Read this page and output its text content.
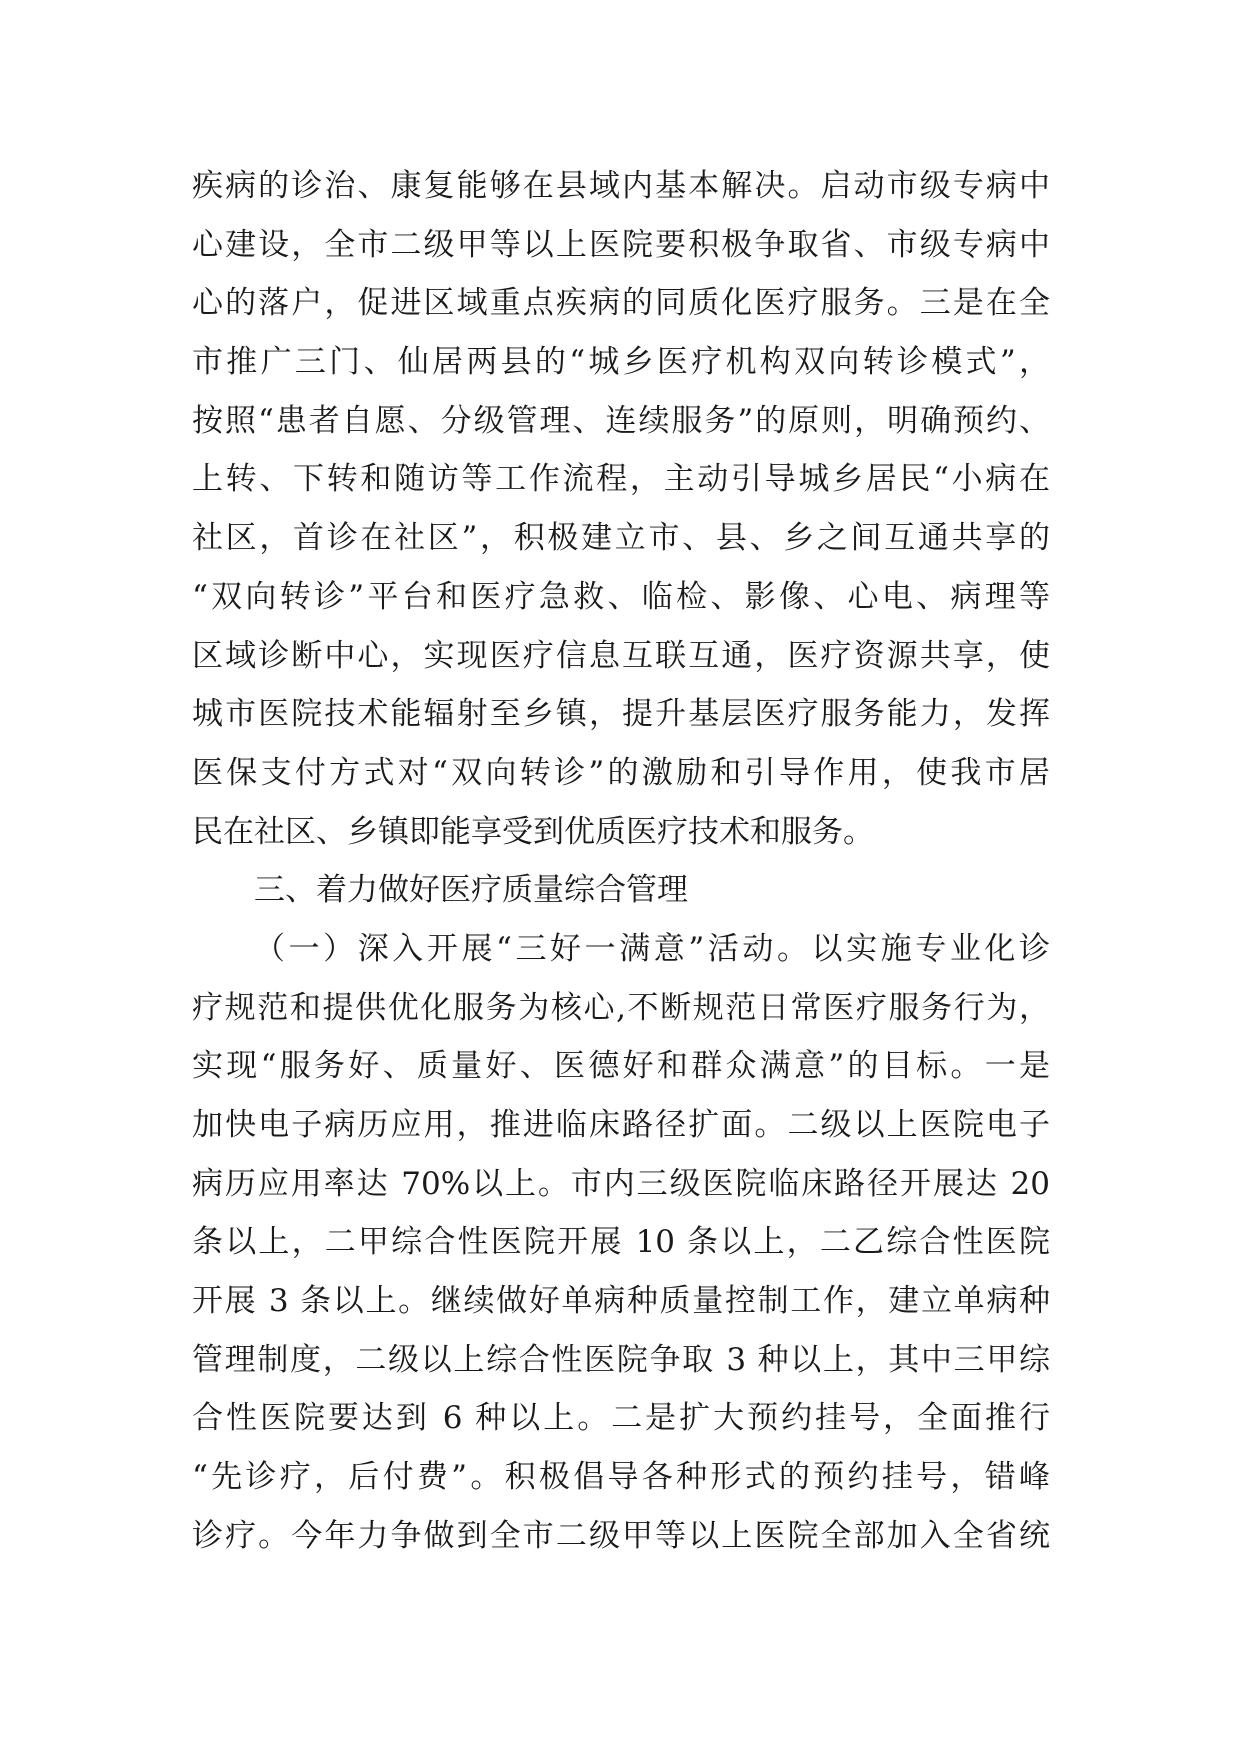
疾病的诊治、康复能够在县域内基本解决。启动市级专病中
心建设，全市二级甲等以上医院要积极争取省、市级专病中
心的落户，促进区域重点疾病的同质化医疗服务。三是在全
市推广三门、仙居两县的“城乡医疗机构双向转诊模式”，
按照“患者自愿、分级管理、连续服务”的原则，明确预约、
上转、下转和随访等工作流程，主动引导城乡居民“小病在
社区，首诊在社区”，积极建立市、县、乡之间互通共享的
“双向转诊”平台和医疗急救、临检、影像、心电、病理等
区域诊断中心，实现医疗信息互联互通，医疗资源共享，使
城市医院技术能辐射至乡镇，提升基层医疗服务能力，发挥
医保支付方式对“双向转诊”的激励和引导作用，使我市居
民在社区、乡镇即能享受到优质医疗技术和服务。
三、着力做好医疗质量综合管理
（一）深入开展“三好一满意”活动。以实施专业化诊
疗规范和提供优化服务为核心,不断规范日常医疗服务行为，
实现“服务好、质量好、医德好和群众满意”的目标。一是
加快电子病历应用，推进临床路径扩面。二级以上医院电子
病历应用率达 70%以上。市内三级医院临床路径开展达 20
条以上，二甲综合性医院开展 10 条以上，二乙综合性医院
开展 3 条以上。继续做好单病种质量控制工作，建立单病种
管理制度，二级以上综合性医院争取 3 种以上，其中三甲综
合性医院要达到 6 种以上。二是扩大预约挂号，全面推行
“先诊疗，后付费”。积极倡导各种形式的预约挂号，错峰
诊疗。今年力争做到全市二级甲等以上医院全部加入全省统
